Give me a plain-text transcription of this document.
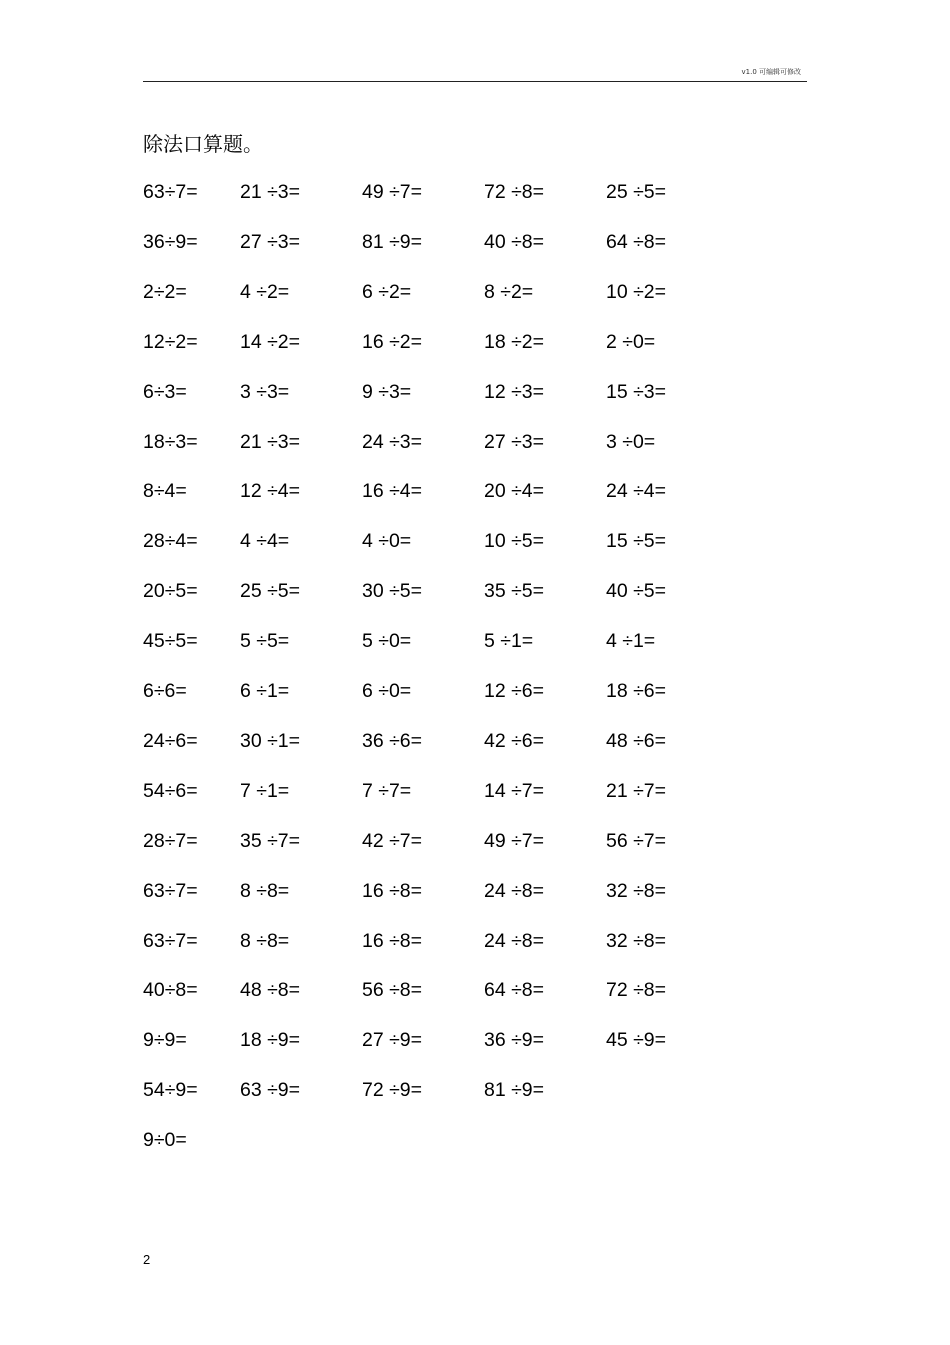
v1.0 可编辑可修改
除法口算题。
63÷7= 21 ÷3=	49 ÷7=	72 ÷8=	25 ÷5=
36÷9= 27 ÷3=	81 ÷9=	40 ÷8=	64 ÷8=
2÷2=	4 ÷2=	6 ÷2=	8 ÷2=	10 ÷2=
12÷2= 14 ÷2=	16 ÷2=	18 ÷2=	2 ÷0=
6÷3=	3 ÷3=	9 ÷3=	12 ÷3=	15 ÷3=
18÷3= 21 ÷3=	24 ÷3=	27 ÷3=	3 ÷0=
8÷4=	12 ÷4=	16 ÷4=	20 ÷4=	24 ÷4=
28÷4= 4 ÷4=	4 ÷0=	10 ÷5=	15 ÷5=
20÷5= 25 ÷5=	30 ÷5=	35 ÷5=	40 ÷5=
45÷5= 5 ÷5=	5 ÷0=	5 ÷1=	4 ÷1=
6÷6=	6 ÷1=	6 ÷0=	12 ÷6=	18 ÷6=
24÷6= 30 ÷1=	36 ÷6=	42 ÷6=	48 ÷6=
54÷6= 7 ÷1=	7 ÷7=	14 ÷7=	21 ÷7=
28÷7= 35 ÷7=	42 ÷7=	49 ÷7=	56 ÷7=
63÷7= 8 ÷8=	16 ÷8=	24 ÷8=	32 ÷8=
63÷7= 8 ÷8=	16 ÷8=	24 ÷8=	32 ÷8=
40÷8= 48 ÷8=	56 ÷8=	64 ÷8=	72 ÷8=
9÷9=	18 ÷9=	27 ÷9=	36 ÷9=	45 ÷9=
54÷9= 63 ÷9=	72 ÷9=	81 ÷9=
9÷0=
2
